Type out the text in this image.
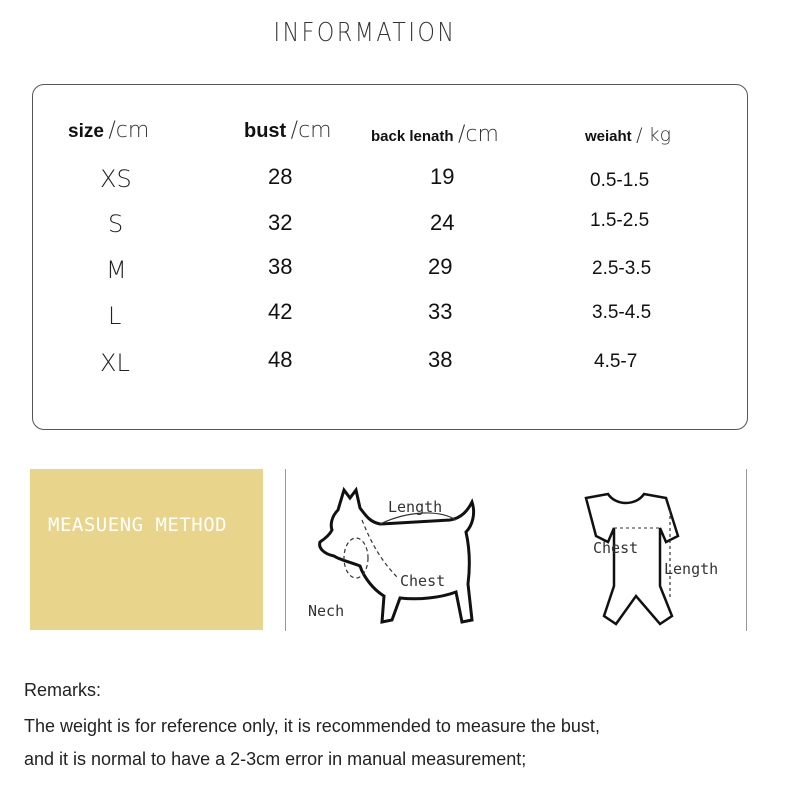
INFORMATION
size /cm	bust /cm	back lenath /cm	weiaht / kg
XS	28	19	0.5-1.5
S	32	24	1.5-2.5
M	38	29	2.5-3.5
L	42	33	3.5-4.5
XL	48	38	4.5-7
MEASUENG METHOD
Length
Chest
Nech
Chest
Length
Remarks:
The weight is for reference only, it is recommended to measure the bust,
and it is normal to have a 2-3cm error in manual measurement;
